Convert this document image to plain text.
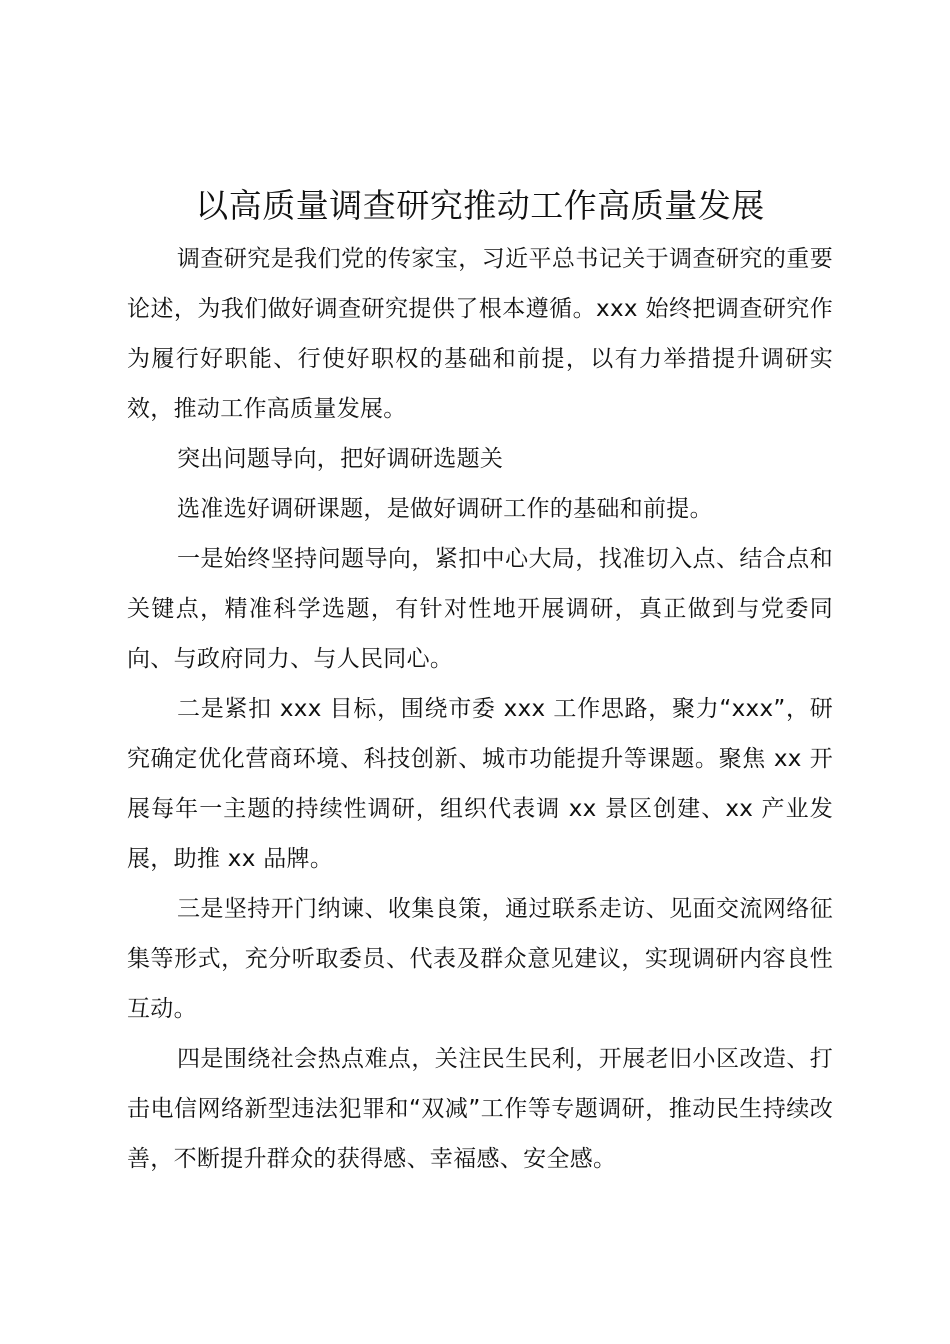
以高质量调查研究推动工作高质量发展

调查研究是我们党的传家宝，习近平总书记关于调查研究的重要论述，为我们做好调查研究提供了根本遵循。xxx 始终把调查研究作为履行好职能、行使好职权的基础和前提，以有力举措提升调研实效，推动工作高质量发展。

突出问题导向，把好调研选题关

选准选好调研课题，是做好调研工作的基础和前提。

一是始终坚持问题导向，紧扣中心大局，找准切入点、结合点和关键点，精准科学选题，有针对性地开展调研，真正做到与党委同向、与政府同力、与人民同心。

二是紧扣 xxx 目标，围绕市委 xxx 工作思路，聚力“xxx”，研究确定优化营商环境、科技创新、城市功能提升等课题。聚焦 xx 开展每年一主题的持续性调研，组织代表调 xx 景区创建、xx 产业发展，助推 xx 品牌。

三是坚持开门纳谏、收集良策，通过联系走访、见面交流网络征集等形式，充分听取委员、代表及群众意见建议，实现调研内容良性互动。

四是围绕社会热点难点，关注民生民利，开展老旧小区改造、打击电信网络新型违法犯罪和“双减”工作等专题调研，推动民生持续改善，不断提升群众的获得感、幸福感、安全感。
